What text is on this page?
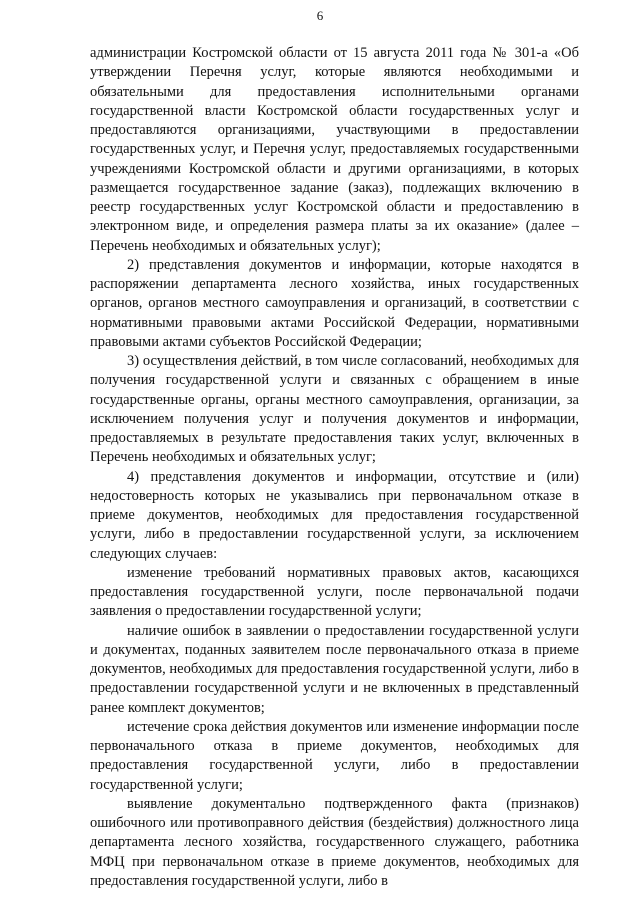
6

администрации Костромской области от 15 августа 2011 года № 301-а «Об утверждении Перечня услуг, которые являются необходимыми и обязательными для предоставления исполнительными органами государственной власти Костромской области государственных услуг и предоставляются организациями, участвующими в предоставлении государственных услуг, и Перечня услуг, предоставляемых государственными учреждениями Костромской области и другими организациями, в которых размещается государственное задание (заказ), подлежащих включению в реестр государственных услуг Костромской области и предоставлению в электронном виде, и определения размера платы за их оказание» (далее – Перечень необходимых и обязательных услуг);

2) представления документов и информации, которые находятся в распоряжении департамента лесного хозяйства, иных государственных органов, органов местного самоуправления и организаций, в соответствии с нормативными правовыми актами Российской Федерации, нормативными правовыми актами субъектов Российской Федерации;

3) осуществления действий, в том числе согласований, необходимых для получения государственной услуги и связанных с обращением в иные государственные органы, органы местного самоуправления, организации, за исключением получения услуг и получения документов и информации, предоставляемых в результате предоставления таких услуг, включенных в Перечень необходимых и обязательных услуг;

4) представления документов и информации, отсутствие и (или) недостоверность которых не указывались при первоначальном отказе в приеме документов, необходимых для предоставления государственной услуги, либо в предоставлении государственной услуги, за исключением следующих случаев:

изменение требований нормативных правовых актов, касающихся предоставления государственной услуги, после первоначальной подачи заявления о предоставлении государственной услуги;

наличие ошибок в заявлении о предоставлении государственной услуги и документах, поданных заявителем после первоначального отказа в приеме документов, необходимых для предоставления государственной услуги, либо в предоставлении государственной услуги и не включенных в представленный ранее комплект документов;

истечение срока действия документов или изменение информации после первоначального отказа в приеме документов, необходимых для предоставления государственной услуги, либо в предоставлении государственной услуги;

выявление документально подтвержденного факта (признаков) ошибочного или противоправного действия (бездействия) должностного лица департамента лесного хозяйства, государственного служащего, работника МФЦ при первоначальном отказе в приеме документов, необходимых для предоставления государственной услуги, либо в
